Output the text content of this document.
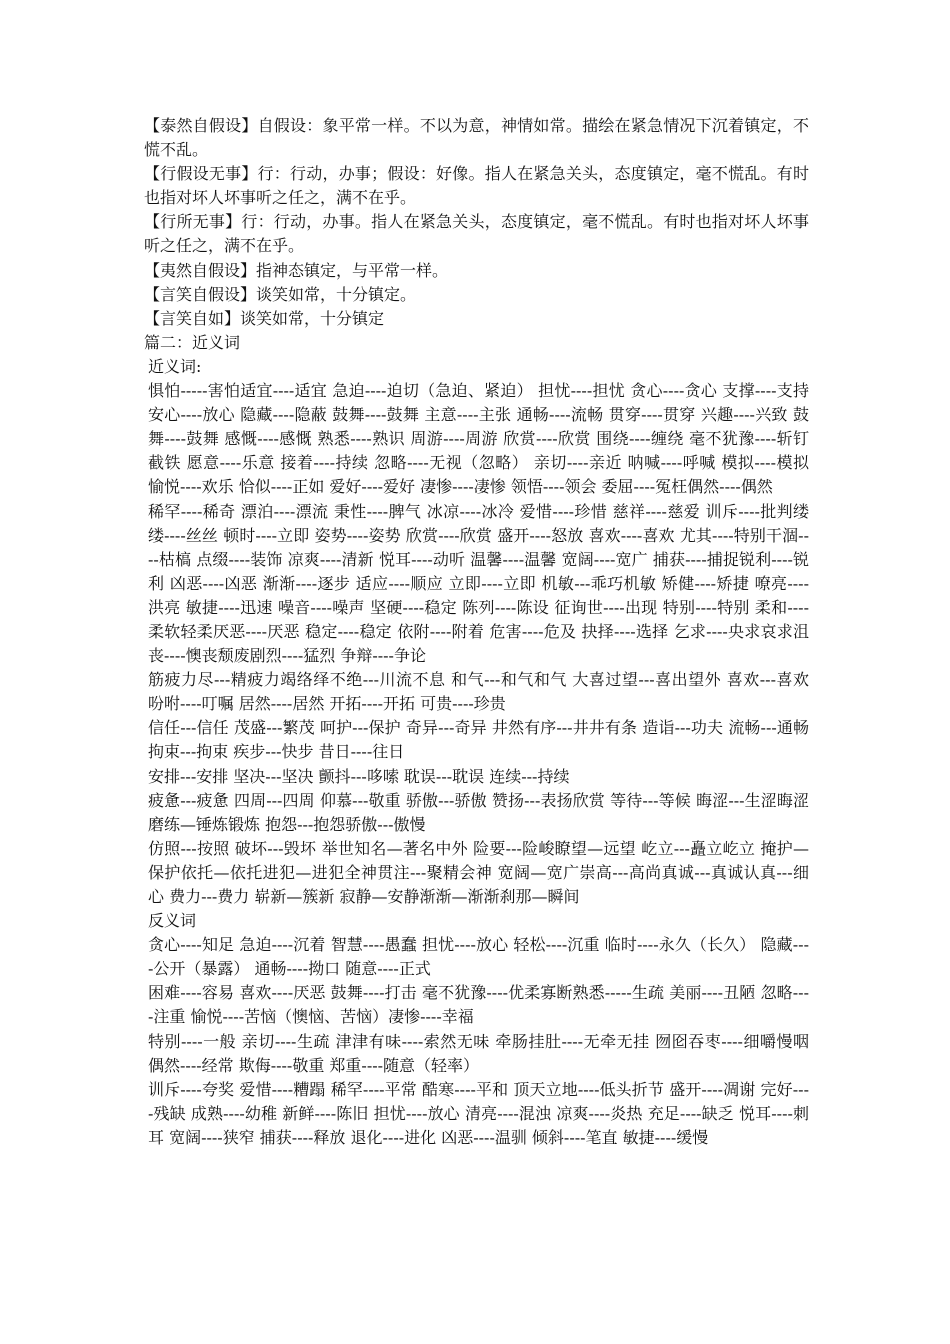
【泰然自假设】自假设：象平常一样。不以为意，神情如常。描绘在紧急情况下沉着镇定，不慌不乱。

【行假设无事】行：行动，办事；假设：好像。指人在紧急关头，态度镇定，毫不慌乱。有时也指对坏人坏事听之任之，满不在乎。

【行所无事】行：行动，办事。指人在紧急关头，态度镇定，毫不慌乱。有时也指对坏人坏事听之任之，满不在乎。

【夷然自假设】指神态镇定，与平常一样。

【言笑自假设】谈笑如常，十分镇定。

【言笑自如】谈笑如常，十分镇定

篇二：近义词

近义词:

惧怕-----害怕适宜----适宜 急迫----迫切（急迫、紧迫） 担忧----担忧 贪心----贪心 支撑----支持 安心----放心 隐藏----隐蔽 鼓舞----鼓舞 主意----主张 通畅----流畅 贯穿----贯穿 兴趣----兴致 鼓舞----鼓舞 感慨----感慨 熟悉----熟识 周游----周游 欣赏----欣赏 围绕----缠绕 毫不犹豫----斩钉截铁 愿意----乐意 接着----持续 忽略----无视（忽略） 亲切----亲近 呐喊----呼喊 模拟----模拟 愉悦----欢乐 恰似----正如 爱好----爱好 凄惨----凄惨 领悟----领会 委屈----冤枉偶然----偶然

稀罕----稀奇 漂泊----漂流 秉性----脾气 冰凉----冰冷 爱惜----珍惜 慈祥----慈爱 训斥----批判缕缕----丝丝 顿时----立即 姿势----姿势 欣赏----欣赏 盛开----怒放 喜欢----喜欢 尤其----特别干涸----枯槁 点缀----装饰 凉爽----清新 悦耳----动听 温馨----温馨 宽阔----宽广 捕获----捕捉锐利----锐利 凶恶----凶恶 渐渐----逐步 适应----顺应 立即----立即 机敏---乖巧机敏 矫健----矫捷 嘹亮----洪亮 敏捷----迅速 噪音----噪声 坚硬----稳定 陈列----陈设 征询世----出现 特别----特别 柔和----柔软轻柔厌恶----厌恶 稳定----稳定 依附----附着 危害----危及 抉择----选择 乞求----央求哀求沮丧----懊丧颓废剧烈----猛烈 争辩----争论

筋疲力尽---精疲力竭络绎不绝---川流不息 和气---和气和气 大喜过望---喜出望外 喜欢---喜欢 吩咐----叮嘱 居然----居然 开拓----开拓 可贵----珍贵

信任---信任 茂盛---繁茂 呵护---保护 奇异---奇异 井然有序---井井有条 造诣---功夫 流畅---通畅 拘束---拘束 疾步---快步 昔日----往日

安排---安排 坚决---坚决 颤抖---哆嗦 耽误---耽误 连续---持续

疲惫---疲惫 四周---四周 仰慕---敬重 骄傲---骄傲 赞扬---表扬欣赏 等待---等候 晦涩---生涩晦涩磨练—锤炼锻炼 抱怨---抱怨骄傲---傲慢

仿照---按照 破坏---毁坏 举世知名—著名中外 险要---险峻瞭望—远望 屹立---矗立屹立 掩护—保护依托—依托进犯—进犯全神贯注---聚精会神 宽阔—宽广崇高---高尚真诚---真诚认真---细心 费力---费力 崭新—簇新 寂静—安静渐渐—渐渐刹那—瞬间

反义词

贪心----知足 急迫----沉着 智慧----愚蠢 担忧----放心 轻松----沉重 临时----永久（长久） 隐藏----公开（暴露） 通畅----拗口 随意----正式

困难----容易 喜欢----厌恶 鼓舞----打击 毫不犹豫----优柔寡断熟悉-----生疏 美丽----丑陋 忽略----注重 愉悦----苦恼（懊恼、苦恼）凄惨----幸福

特别----一般 亲切----生疏 津津有味----索然无味 牵肠挂肚----无牵无挂 囫囵吞枣----细嚼慢咽 偶然----经常 欺侮----敬重 郑重----随意（轻率）

训斥----夸奖 爱惜----糟蹋 稀罕----平常 酷寒----平和 顶天立地----低头折节 盛开----凋谢 完好----残缺 成熟----幼稚 新鲜----陈旧 担忧----放心 清亮----混浊 凉爽----炎热 充足----缺乏 悦耳----刺耳 宽阔----狭窄 捕获----释放 退化----进化 凶恶----温驯 倾斜----笔直 敏捷----缓慢
